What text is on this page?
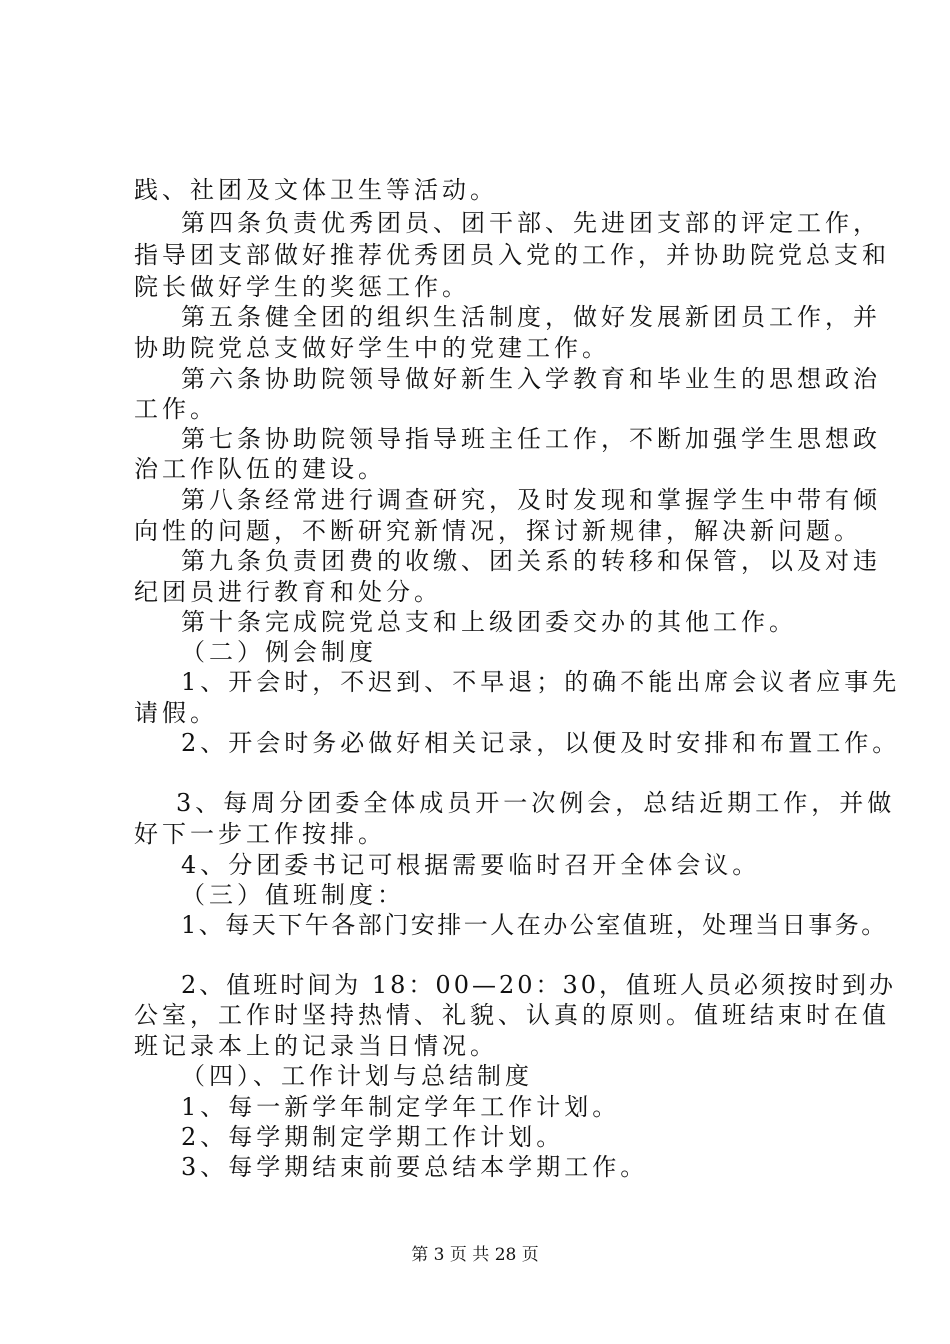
践、社团及文体卫生等活动。
第四条负责优秀团员、团干部、先进团支部的评定工作，
指导团支部做好推荐优秀团员入党的工作，并协助院党总支和
院长做好学生的奖惩工作。
第五条健全团的组织生活制度，做好发展新团员工作，并
协助院党总支做好学生中的党建工作。
第六条协助院领导做好新生入学教育和毕业生的思想政治
工作。
第七条协助院领导指导班主任工作，不断加强学生思想政
治工作队伍的建设。
第八条经常进行调查研究，及时发现和掌握学生中带有倾
向性的问题，不断研究新情况，探讨新规律，解决新问题。
第九条负责团费的收缴、团关系的转移和保管，以及对违
纪团员进行教育和处分。
第十条完成院党总支和上级团委交办的其他工作。
（二）例会制度
1、开会时，不迟到、不早退；的确不能出席会议者应事先
请假。
2、开会时务必做好相关记录，以便及时安排和布置工作。
3、每周分团委全体成员开一次例会，总结近期工作，并做
好下一步工作按排。
4、分团委书记可根据需要临时召开全体会议。
（三）值班制度：
1、每天下午各部门安排一人在办公室值班，处理当日事务。
2、值班时间为 18：00—20：30，值班人员必须按时到办
公室，工作时坚持热情、礼貌、认真的原则。值班结束时在值
班记录本上的记录当日情况。
（四）、工作计划与总结制度
1、每一新学年制定学年工作计划。
2、每学期制定学期工作计划。
3、每学期结束前要总结本学期工作。
第 3 页 共 28 页
